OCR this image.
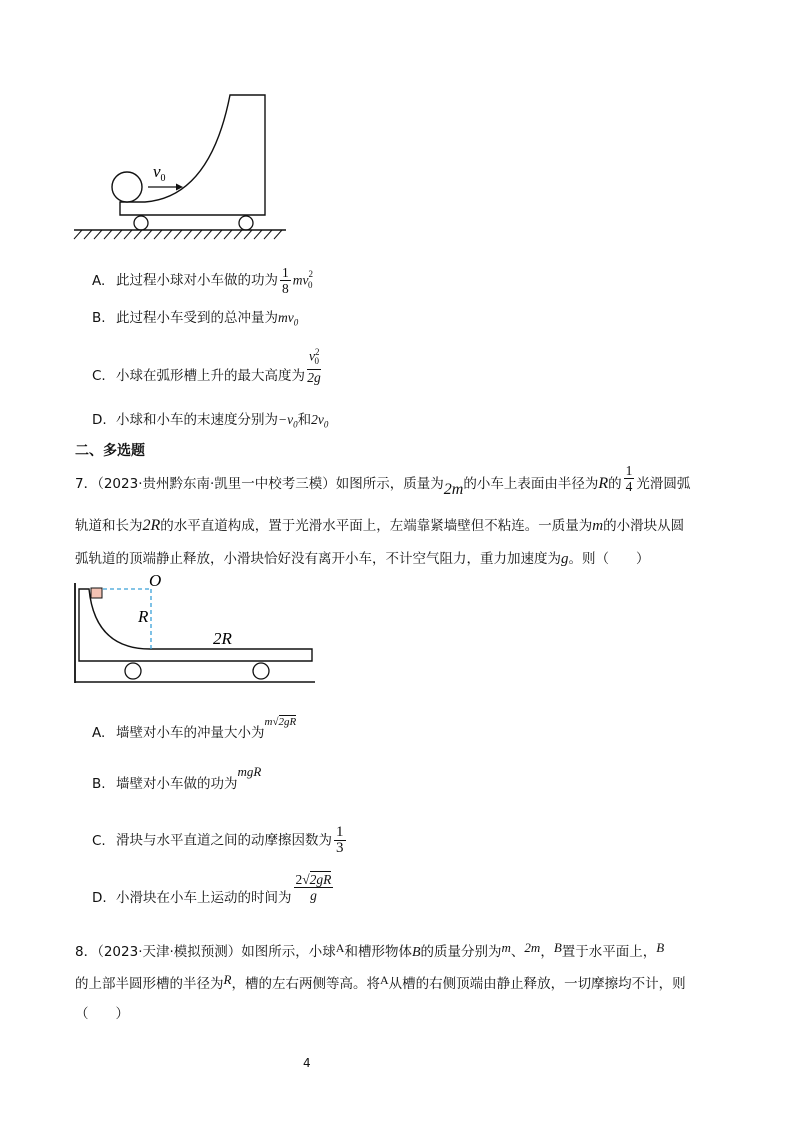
$v_0$
A. 此过程小球对小车做的功为 $\frac{1}{8} mv^2_0$
B. 此过程小车受到的总冲量为$mv_0$
C. 小球在弧形槽上升的最大高度为 $\frac{v^2_0}{2g}$
D. 小球和小车的末速度分别为$-v_0$和$2v_0$
二、多选题
7．（2023·贵州黔东南·凯里一中校考三模）如图所示，质量为2m的小车上表面由半径为R的 $\frac{1}{4}$ 光滑圆弧
轨道和长为2R的水平直道构成，置于光滑水平面上，左端靠紧墙壁但不粘连。一质量为m的小滑块从圆
弧轨道的顶端静止释放，小滑块恰好没有离开小车，不计空气阻力，重力加速度为g。则（　　）
O
R
2R
A. 墙壁对小车的冲量大小为$^{m√2gR}$
B. 墙壁对小车做的功为mgR
C. 滑块与水平直道之间的动摩擦因数为 $\frac{1}{3}$
D. 小滑块在小车上运动的时间为 $\frac{2√2gR}{g}$
8．（2023·天津·模拟预测）如图所示，小球A和槽形物体B的质量分别为m、2m，B置于水平面上，B
的上部半圆形槽的半径为R，槽的左右两侧等高。将A从槽的右侧顶端由静止释放，一切摩擦均不计，则
（　　）
4
